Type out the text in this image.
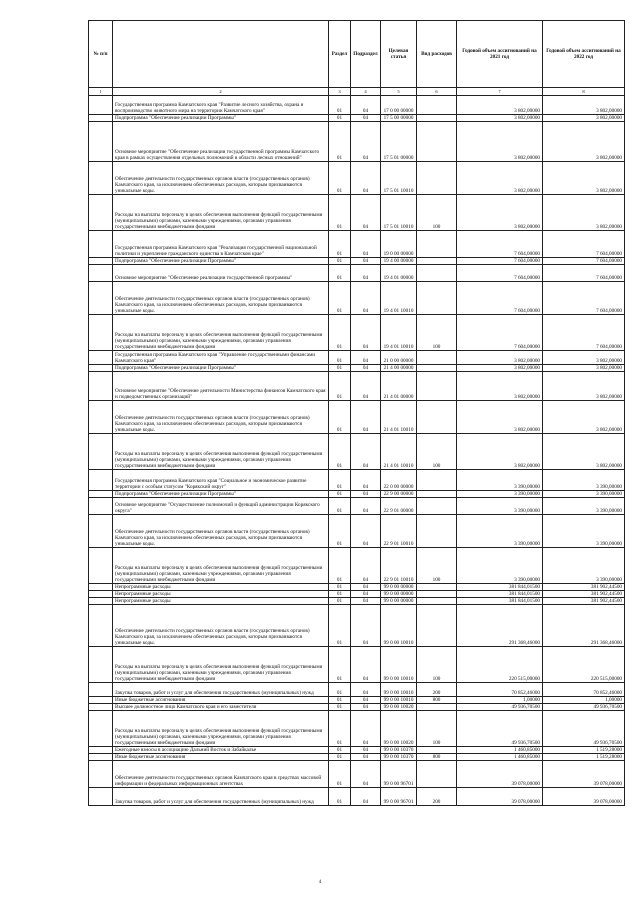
№ п/п		Раздел	Подраздел	Целевая статья	Вид расходов	Годовой объем ассигнований на 2021 год	Годовой объем ассигнований на 2022 год
1	2	3	4	5	6	7	8
	Государственная программа Камчатского края "Развитие лесного хозяйства, охрана и воспроизводство животного мира на территории Камчатского края"	01	04	17 0 00 00000		3 802,00000	3 802,00000
	Подпрограмма "Обеспечение реализации Программы"	01	04	17 5 00 00000		3 802,00000	3 802,00000
	Основное мероприятие "Обеспечение реализации государственной программы Камчатского края в рамках осуществления отдельных полномочий в области лесных отношений"	01	04	17 5 01 00000		3 802,00000	3 802,00000
	Обеспечение деятельности государственных органов власти (государственных органов) Камчатского края, за исключением обеспеченных расходов, которым присваиваются уникальные коды.	01	04	17 5 01 10010		3 802,00000	3 802,00000
	Расходы на выплаты персоналу в целях обеспечения выполнения функций государственными (муниципальными) органами, казенными учреждениями, органами управления государственными внебюджетными фондами	01	04	17 5 01 10010	100	3 802,00000	3 802,00000
	Государственная программа Камчатского края "Реализация государственной национальной политики и укрепление гражданского единства в Камчатском крае"	01	04	19 0 00 00000		7 604,00000	7 604,00000
	Подпрограмма "Обеспечение реализации Программы"	01	04	19 4 00 00000		7 604,00000	7 604,00000
	Основное мероприятие "Обеспечение реализации государственной программы"	01	04	19 4 01 00000		7 604,00000	7 604,00000
	Обеспечение деятельности государственных органов власти (государственных органов) Камчатского края, за исключением обеспеченных расходов, которым присваиваются уникальные коды.	01	04	19 4 01 10010		7 604,00000	7 604,00000
	Расходы на выплаты персоналу в целях обеспечения выполнения функций государственными (муниципальными) органами, казенными учреждениями, органами управления государственными внебюджетными фондами	01	04	19 4 01 10010	100	7 604,00000	7 604,00000
	Государственная программа Камчатского края "Управление государственными финансами Камчатского края"	01	04	21 0 00 00000		3 802,00000	3 802,00000
	Подпрограмма "Обеспечение реализации Программы"	01	04	21 4 00 00000		3 802,00000	3 802,00000
	Основное мероприятие "Обеспечение деятельности Министерства финансов Камчатского края и подведомственных организаций"	01	04	21 4 01 00000		3 802,00000	3 802,00000
	Обеспечение деятельности государственных органов власти (государственных органов) Камчатского края, за исключением обеспеченных расходов, которым присваиваются уникальные коды.	01	04	21 4 01 10010		3 802,00000	3 802,00000
	Расходы на выплаты персоналу в целях обеспечения выполнения функций государственными (муниципальными) органами, казенными учреждениями, органами управления государственными внебюджетными фондами	01	04	21 4 01 10010	100	3 802,00000	3 802,00000
	Государственная программа Камчатского края "Социальное и экономическое развитие территории с особым статусом "Корякский округ"	01	04	22 0 00 00000		3 390,00000	3 390,00000
	Подпрограмма "Обеспечение реализации Программы"	01	04	22 9 00 00000		3 390,00000	3 390,00000
	Основное мероприятие "Осуществление полномочий и функций администрации Корякского округа"	01	04	22 9 01 00000		3 390,00000	3 390,00000
	Обеспечение деятельности государственных органов власти (государственных органов) Камчатского края, за исключением обеспеченных расходов, которым присваиваются уникальные коды.	01	04	22 9 01 10010		3 390,00000	3 390,00000
	Расходы на выплаты персоналу в целях обеспечения выполнения функций государственными (муниципальными) органами, казенными учреждениями, органами управления государственными внебюджетными фондами	01	04	22 9 01 10010	100	3 390,00000	3 390,00000
	Непрограммные расходы	01	04	99 0 00 00000		381 844,01500	381 902,44500
	Непрограммные расходы	01	04	99 0 00 00000		381 844,01500	381 902,44500
	Непрограммные расходы	01	04	99 0 00 00000		381 844,01500	381 902,44500
	Обеспечение деятельности государственных органов власти (государственных органов) Камчатского края, за исключением обеспеченных расходов, которым присваиваются уникальные коды.	01	04	99 0 00 10010		291 368,46000	291 368,46000
	Расходы на выплаты персоналу в целях обеспечения выполнения функций государственными (муниципальными) органами, казенными учреждениями, органами управления государственными внебюджетными фондами	01	04	99 0 00 10010	100	220 515,00000	220 515,00000
	Закупка товаров, работ и услуг для обеспечения государственных (муниципальных) нужд	01	04	99 0 00 10010	200	70 852,46000	70 852,46000
	Иные бюджетные ассигнования	01	04	99 0 00 10010	800	1,00000	1,00000
	Высшее должностное лицо Камчатского края и его заместители	01	04	99 0 00 10020		49 936,70500	49 936,70500
	Расходы на выплаты персоналу в целях обеспечения выполнения функций государственными (муниципальными) органами, казенными учреждениями, органами управления государственными внебюджетными фондами	01	04	99 0 00 10020	100	49 936,70500	49 936,70500
	Ежегодные взносы в ассоциацию Дальний Восток и Забайкалье	01	04	99 0 00 10370		1 460,85000	1 519,28000
	Иные бюджетные ассигнования	01	04	99 0 00 10370	800	1 460,85000	1 519,28000
	Обеспечение деятельности государственных органов Камчатского края в средствах массовой информации и федеральных информационных агентствах	01	04	99 0 00 96701		39 078,00000	39 078,00000
	Закупка товаров, работ и услуг для обеспечения государственных (муниципальных) нужд	01	04	99 0 00 96701	200	39 078,00000	39 078,00000
4
